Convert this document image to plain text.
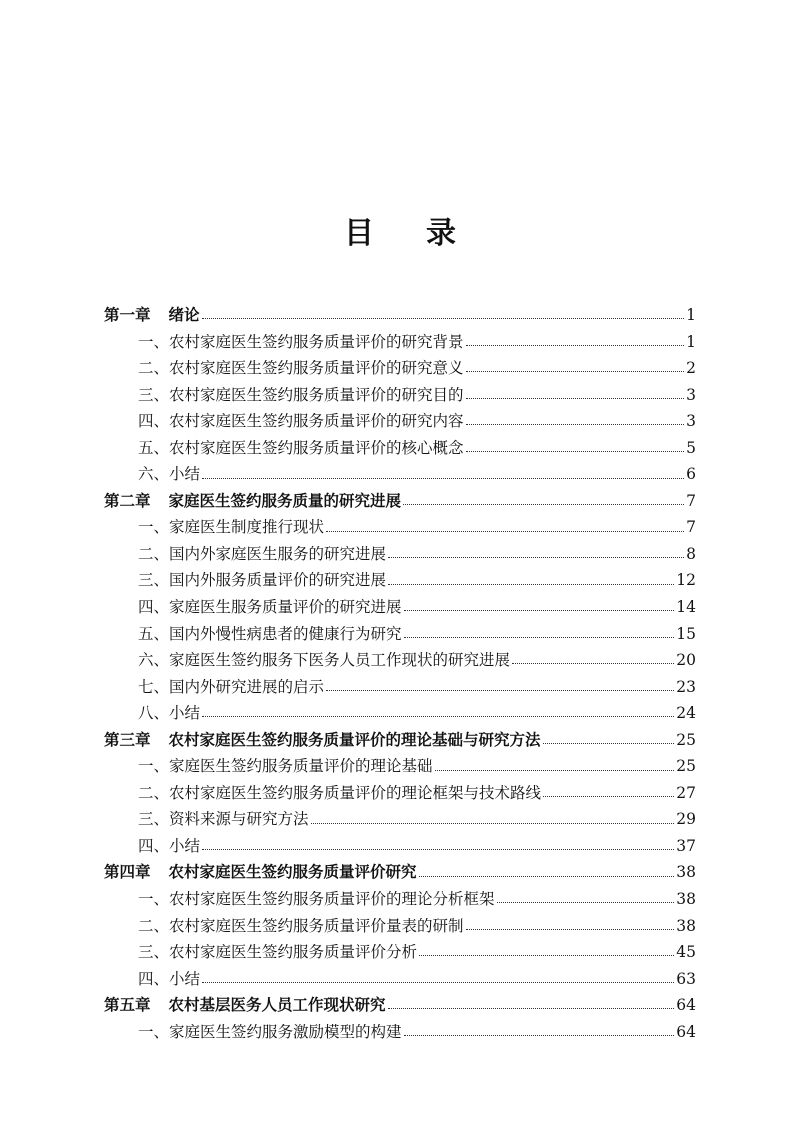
目 录
第一章 绪论	1
一、农村家庭医生签约服务质量评价的研究背景	1
二、农村家庭医生签约服务质量评价的研究意义	2
三、农村家庭医生签约服务质量评价的研究目的	3
四、农村家庭医生签约服务质量评价的研究内容	3
五、农村家庭医生签约服务质量评价的核心概念	5
六、小结	6
第二章 家庭医生签约服务质量的研究进展	7
一、家庭医生制度推行现状	7
二、国内外家庭医生服务的研究进展	8
三、国内外服务质量评价的研究进展	12
四、家庭医生服务质量评价的研究进展	14
五、国内外慢性病患者的健康行为研究	15
六、家庭医生签约服务下医务人员工作现状的研究进展	20
七、国内外研究进展的启示	23
八、小结	24
第三章 农村家庭医生签约服务质量评价的理论基础与研究方法	25
一、家庭医生签约服务质量评价的理论基础	25
二、农村家庭医生签约服务质量评价的理论框架与技术路线	27
三、资料来源与研究方法	29
四、小结	37
第四章 农村家庭医生签约服务质量评价研究	38
一、农村家庭医生签约服务质量评价的理论分析框架	38
二、农村家庭医生签约服务质量评价量表的研制	38
三、农村家庭医生签约服务质量评价分析	45
四、小结	63
第五章 农村基层医务人员工作现状研究	64
一、家庭医生签约服务激励模型的构建	64
